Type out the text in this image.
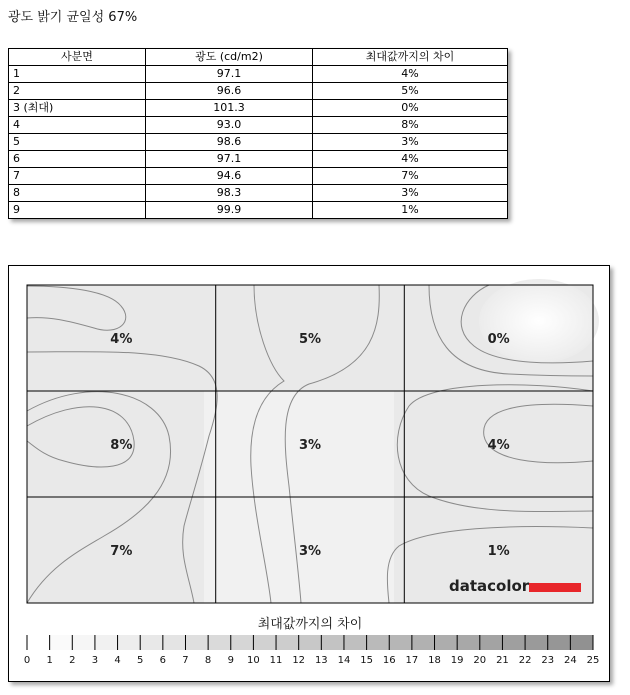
광도 밝기 균일성 67%
사분면	광도 (cd/m2)	최대값까지의 차이
1	97.1	4%
2	96.6	5%
3 (최대)	101.3	0%
4	93.0	8%
5	98.6	3%
6	97.1	4%
7	94.6	7%
8	98.3	3%
9	99.9	1%
4%	5%	0%
8%	3%	4%
7%	3%	1%
datacolor
최대값까지의 차이
0 1 2 3 4 5 6 7 8 9 10 11 12 13 14 15 16 17 18 19 20 21 22 23 24 25
